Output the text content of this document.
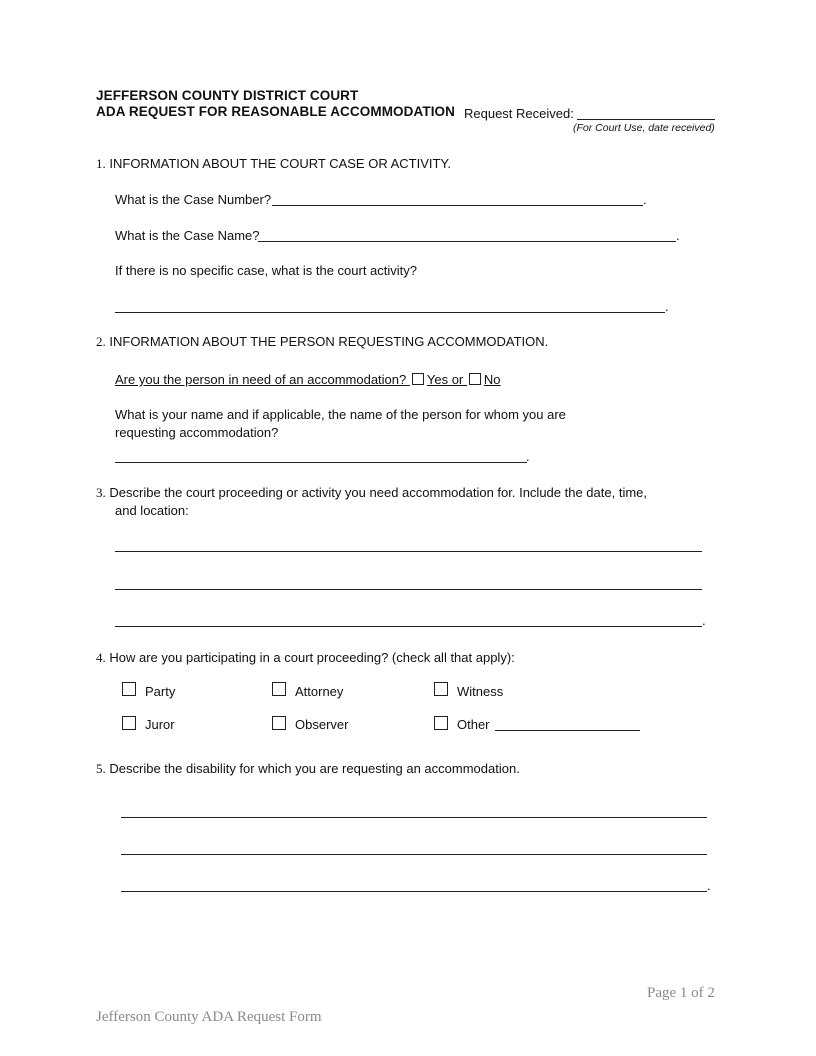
JEFFERSON COUNTY DISTRICT COURT
ADA REQUEST FOR REASONABLE ACCOMMODATION Request Received:
(For Court Use, date received)
1. INFORMATION ABOUT THE COURT CASE OR ACTIVITY.
What is the Case Number?	.
What is the Case Name?	.
If there is no specific case, what is the court activity?
.
2. INFORMATION ABOUT THE PERSON REQUESTING ACCOMMODATION.
Are you the person in need of an accommodation? Yes or No
What is your name and if applicable, the name of the person for whom you are
requesting accommodation?
.
3. Describe the court proceeding or activity you need accommodation for. Include the date, time,
and location:
.
4. How are you participating in a court proceeding? (check all that apply):
Party	Attorney	Witness
Juror	Observer	Other
5. Describe the disability for which you are requesting an accommodation.
.
Page 1 of 2
Jefferson County ADA Request Form
